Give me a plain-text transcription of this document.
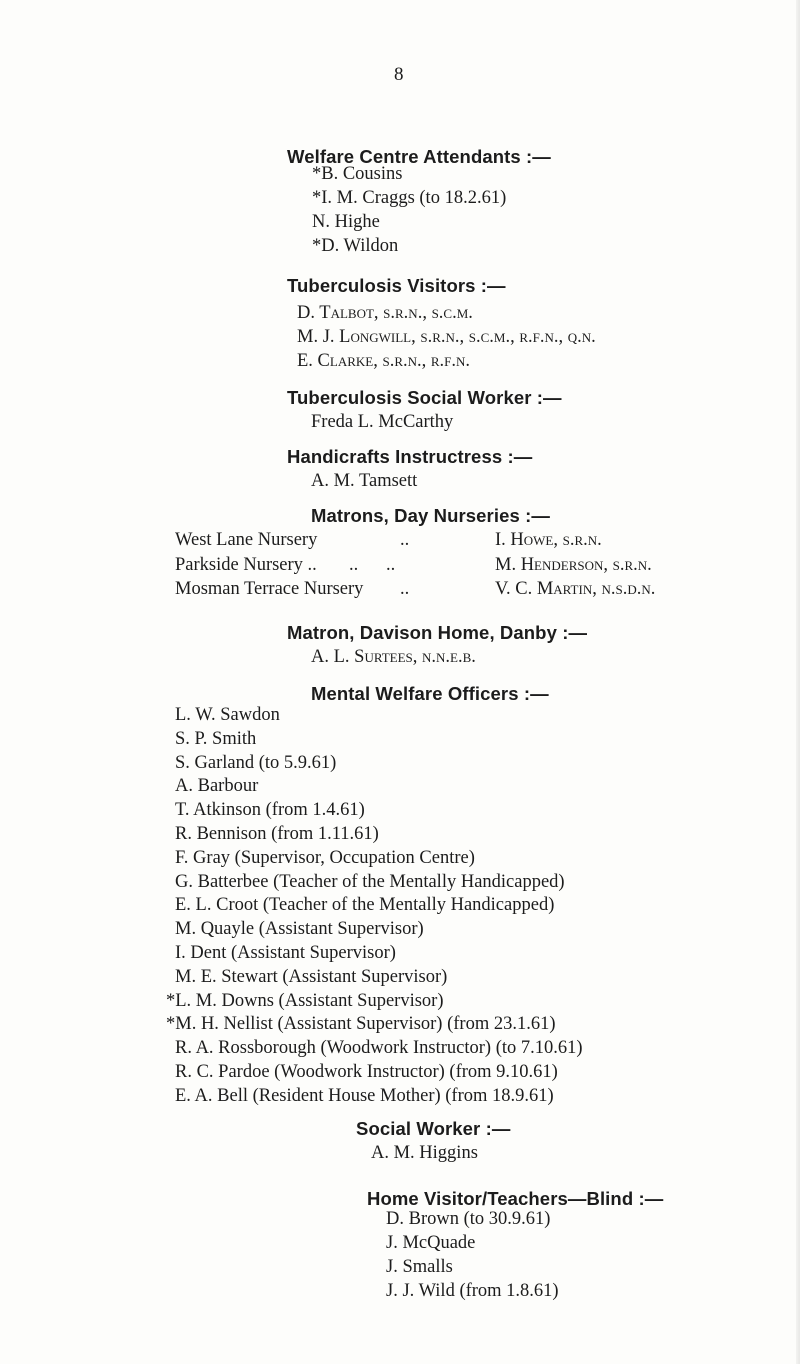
8
Welfare Centre Attendants :—
*B. Cousins
*I. M. Craggs (to 18.2.61)
N. Highe
*D. Wildon
Tuberculosis Visitors :—
D. Talbot, s.r.n., s.c.m.
M. J. Longwill, s.r.n., s.c.m., r.f.n., q.n.
E. Clarke, s.r.n., r.f.n.
Tuberculosis Social Worker :—
Freda L. McCarthy
Handicrafts Instructress :—
A. M. Tamsett
Matrons, Day Nurseries :—
West Lane Nursery	..	I. Howe, s.r.n.
Parkside Nursery .. ..      ..	M. Henderson, s.r.n.
Mosman Terrace Nursery ..	V. C. Martin, n.s.d.n.
Matron, Davison Home, Danby :—
A. L. Surtees, n.n.e.b.
Mental Welfare Officers :—
L. W. Sawdon
S. P. Smith
S. Garland (to 5.9.61)
A. Barbour
T. Atkinson (from 1.4.61)
R. Bennison (from 1.11.61)
F. Gray (Supervisor, Occupation Centre)
G. Batterbee (Teacher of the Mentally Handicapped)
E. L. Croot (Teacher of the Mentally Handicapped)
M. Quayle (Assistant Supervisor)
I. Dent (Assistant Supervisor)
M. E. Stewart (Assistant Supervisor)
*L. M. Downs (Assistant Supervisor)
*M. H. Nellist (Assistant Supervisor) (from 23.1.61)
R. A. Rossborough (Woodwork Instructor) (to 7.10.61)
R. C. Pardoe (Woodwork Instructor) (from 9.10.61)
E. A. Bell (Resident House Mother) (from 18.9.61)
Social Worker :—
A. M. Higgins
Home Visitor/Teachers—Blind :—
D. Brown (to 30.9.61)
J. McQuade
J. Smalls
J. J. Wild (from 1.8.61)
